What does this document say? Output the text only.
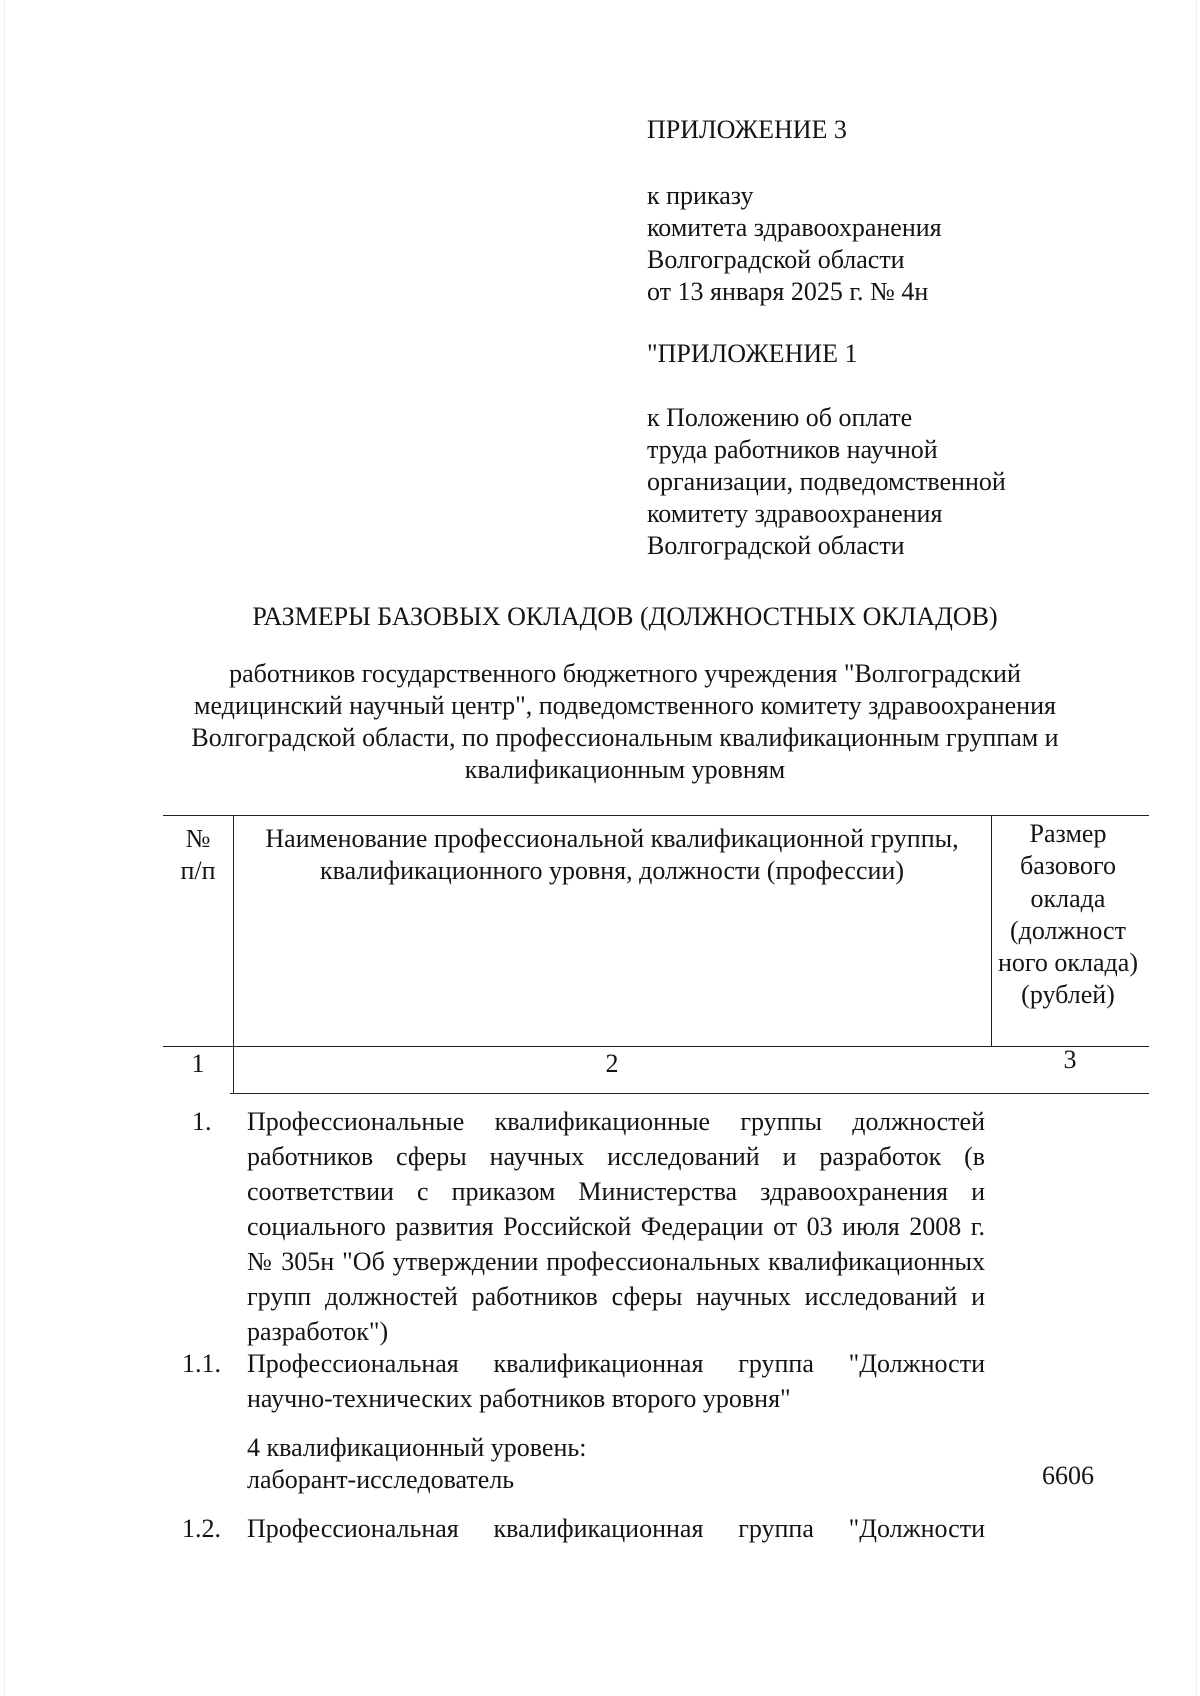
ПРИЛОЖЕНИЕ 3
к приказу
комитета здравоохранения
Волгоградской области
от 13 января 2025 г. № 4н
"ПРИЛОЖЕНИЕ 1
к Положению об оплате
труда работников научной
организации, подведомственной
комитету здравоохранения
Волгоградской области
РАЗМЕРЫ БАЗОВЫХ ОКЛАДОВ (ДОЛЖНОСТНЫХ ОКЛАДОВ)
работников государственного бюджетного учреждения "Волгоградский медицинский научный центр", подведомственного комитету здравоохранения Волгоградской области, по профессиональным квалификационным группам и квалификационным уровням
№ п/п
Наименование профессиональной квалификационной группы, квалификационного уровня, должности (профессии)
Размер базового оклада (должност ного оклада) (рублей)
1	2	3
1. Профессиональные квалификационные группы должностей работников сферы научных исследований и разработок (в соответствии с приказом Министерства здравоохранения и социального развития Российской Федерации от 03 июля 2008 г. № 305н "Об утверждении профессиональных квалификационных групп должностей работников сферы научных исследований и разработок")
1.1. Профессиональная квалификационная группа "Должности научно-технических работников второго уровня"
4 квалификационный уровень:
лаборант-исследователь	6606
1.2. Профессиональная квалификационная группа "Должности
